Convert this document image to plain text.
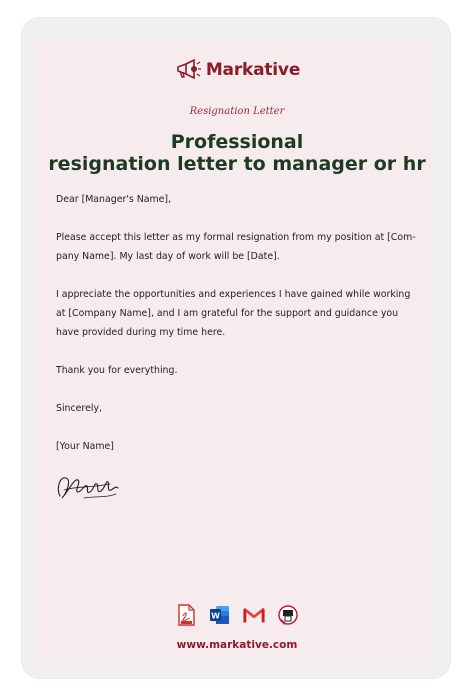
Markative
Resignation Letter
Professional
resignation letter to manager or hr

Dear [Manager's Name],

Please accept this letter as my formal resignation from my position at [Com-
pany Name]. My last day of work will be [Date].

I appreciate the opportunities and experiences I have gained while working
at [Company Name], and I am grateful for the support and guidance you
have provided during my time here.

Thank you for everything.

Sincerely,

[Your Name]

W
www.markative.com
